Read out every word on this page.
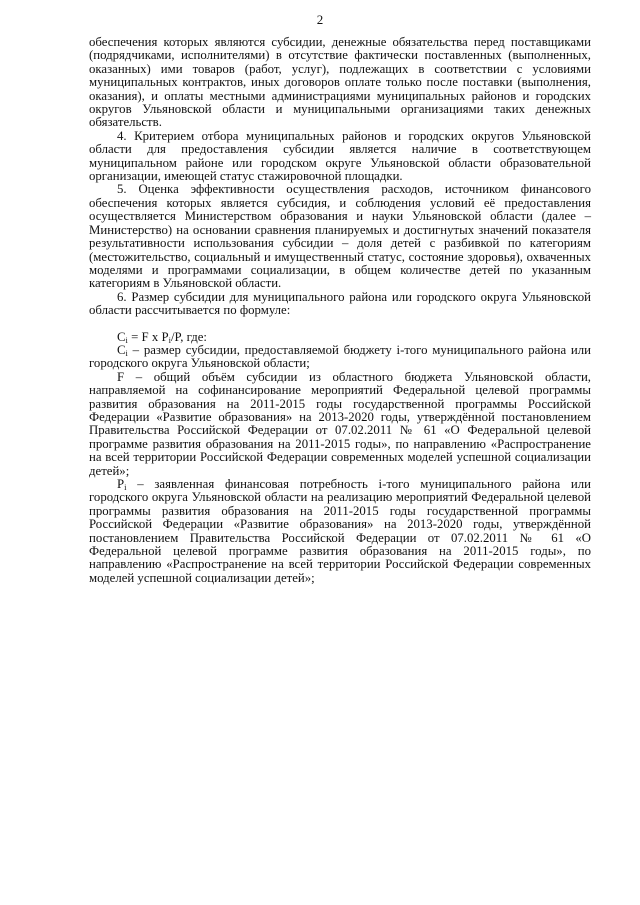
2

обеспечения которых являются субсидии, денежные обязательства перед поставщиками (подрядчиками, исполнителями) в отсутствие фактически поставленных (выполненных, оказанных) ими товаров (работ, услуг), подлежащих в соответствии с условиями муниципальных контрактов, иных договоров оплате только после поставки (выполнения, оказания), и оплаты местными администрациями муниципальных районов и городских округов Ульяновской области и муниципальными организациями таких денежных обязательств.

4. Критерием отбора муниципальных районов и городских округов Ульяновской области для предоставления субсидии является наличие в соответствующем муниципальном районе или городском округе Ульяновской области образовательной организации, имеющей статус стажировочной площадки.

5. Оценка эффективности осуществления расходов, источником финансового обеспечения которых является субсидия, и соблюдения условий её предоставления осуществляется Министерством образования и науки Ульяновской области (далее – Министерство) на основании сравнения планируемых и достигнутых значений показателя результативности использования субсидии – доля детей с разбивкой по категориям (местожительство, социальный и имущественный статус, состояние здоровья), охваченных моделями и программами социализации, в общем количестве детей по указанным категориям в Ульяновской области.

6. Размер субсидии для муниципального района или городского округа Ульяновской области рассчитывается по формуле:

$C_i = F$ x $P_i/P$, где:

$C_i$ – размер субсидии, предоставляемой бюджету i-того муниципального района или городского округа Ульяновской области;

F – общий объём субсидии из областного бюджета Ульяновской области, направляемой на софинансирование мероприятий Федеральной целевой программы развития образования на 2011-2015 годы государственной программы Российской Федерации «Развитие образования» на 2013-2020 годы, утверждённой постановлением Правительства Российской Федерации от 07.02.2011 № 61 «О Федеральной целевой программе развития образования на 2011-2015 годы», по направлению «Распространение на всей территории Российской Федерации современных моделей успешной социализации детей»;

$P_i$ – заявленная финансовая потребность i-того муниципального района или городского округа Ульяновской области на реализацию мероприятий Федеральной целевой программы развития образования на 2011-2015 годы государственной программы Российской Федерации «Развитие образования» на 2013-2020 годы, утверждённой постановлением Правительства Российской Федерации от 07.02.2011 № 61 «О Федеральной целевой программе развития образования на 2011-2015 годы», по направлению «Распространение на всей территории Российской Федерации современных моделей успешной социализации детей»;
